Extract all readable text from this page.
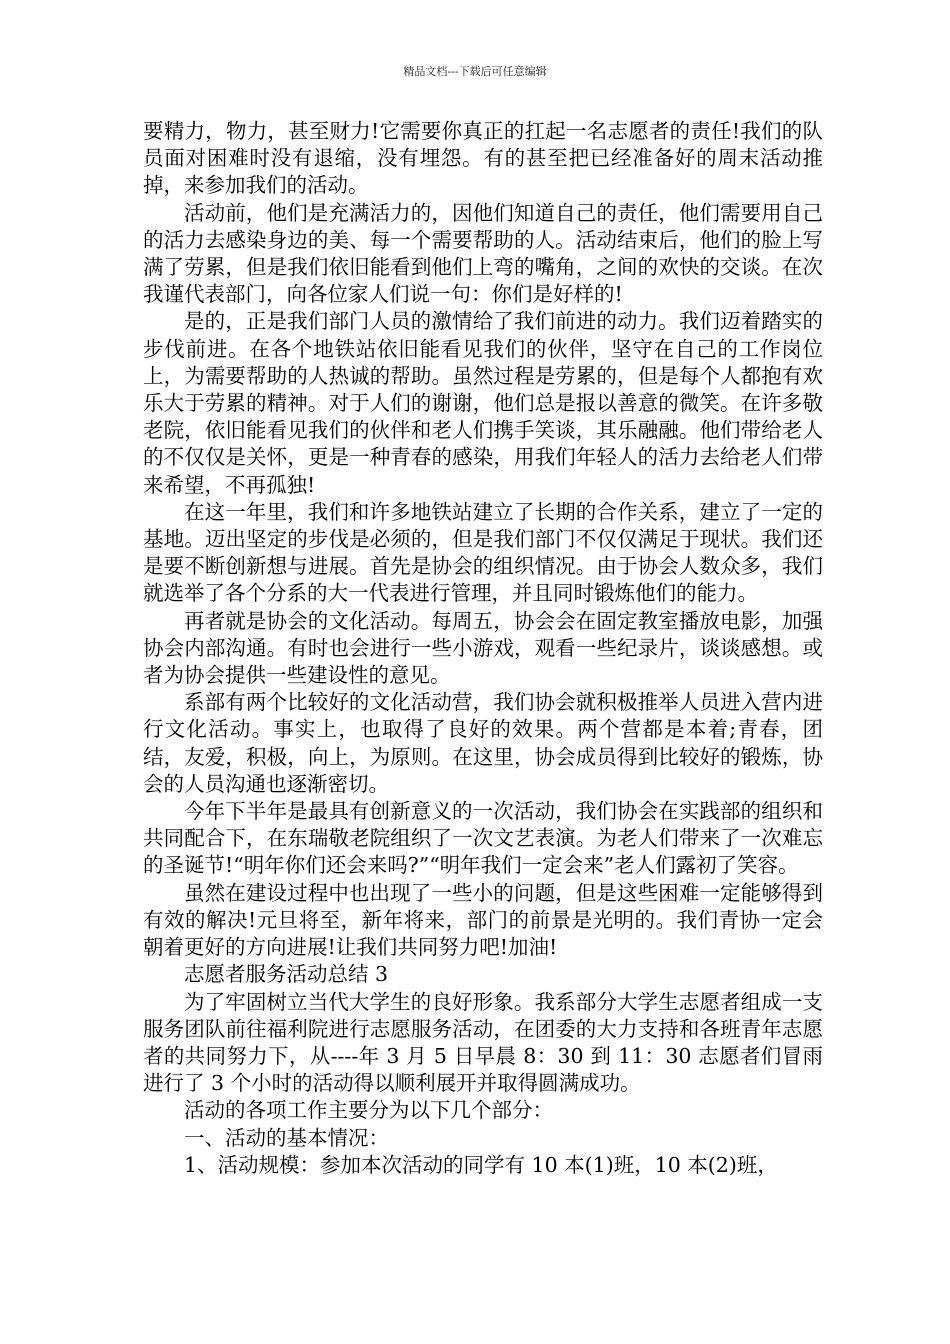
精品文档---下载后可任意编辑

要精力，物力，甚至财力!它需要你真正的扛起一名志愿者的责任!我们的队员面对困难时没有退缩，没有埋怨。有的甚至把已经准备好的周末活动推掉，来参加我们的活动。

活动前，他们是充满活力的，因他们知道自己的责任，他们需要用自己的活力去感染身边的美、每一个需要帮助的人。活动结束后，他们的脸上写满了劳累，但是我们依旧能看到他们上弯的嘴角，之间的欢快的交谈。在次我谨代表部门，向各位家人们说一句：你们是好样的!

是的，正是我们部门人员的激情给了我们前进的动力。我们迈着踏实的步伐前进。在各个地铁站依旧能看见我们的伙伴，坚守在自己的工作岗位上，为需要帮助的人热诚的帮助。虽然过程是劳累的，但是每个人都抱有欢乐大于劳累的精神。对于人们的谢谢，他们总是报以善意的微笑。在许多敬老院，依旧能看见我们的伙伴和老人们携手笑谈，其乐融融。他们带给老人的不仅仅是关怀，更是一种青春的感染，用我们年轻人的活力去给老人们带来希望，不再孤独!

在这一年里，我们和许多地铁站建立了长期的合作关系，建立了一定的基地。迈出坚定的步伐是必须的，但是我们部门不仅仅满足于现状。我们还是要不断创新想与进展。首先是协会的组织情况。由于协会人数众多，我们就选举了各个分系的大一代表进行管理，并且同时锻炼他们的能力。

再者就是协会的文化活动。每周五，协会会在固定教室播放电影，加强协会内部沟通。有时也会进行一些小游戏，观看一些纪录片，谈谈感想。或者为协会提供一些建设性的意见。

系部有两个比较好的文化活动营，我们协会就积极推举人员进入营内进行文化活动。事实上，也取得了良好的效果。两个营都是本着;青春，团结，友爱，积极，向上，为原则。在这里，协会成员得到比较好的锻炼，协会的人员沟通也逐渐密切。

今年下半年是最具有创新意义的一次活动，我们协会在实践部的组织和共同配合下，在东瑞敬老院组织了一次文艺表演。为老人们带来了一次难忘的圣诞节!“明年你们还会来吗?”“明年我们一定会来”老人们露初了笑容。

虽然在建设过程中也出现了一些小的问题，但是这些困难一定能够得到有效的解决!元旦将至，新年将来，部门的前景是光明的。我们青协一定会朝着更好的方向进展!让我们共同努力吧!加油!

志愿者服务活动总结 3

为了牢固树立当代大学生的良好形象。我系部分大学生志愿者组成一支服务团队前往福利院进行志愿服务活动，在团委的大力支持和各班青年志愿者的共同努力下，从----年 3 月 5 日早晨 8：30 到 11：30 志愿者们冒雨进行了 3 个小时的活动得以顺利展开并取得圆满成功。

活动的各项工作主要分为以下几个部分：

一、活动的基本情况：

1、活动规模：参加本次活动的同学有 10 本(1)班，10 本(2)班，
